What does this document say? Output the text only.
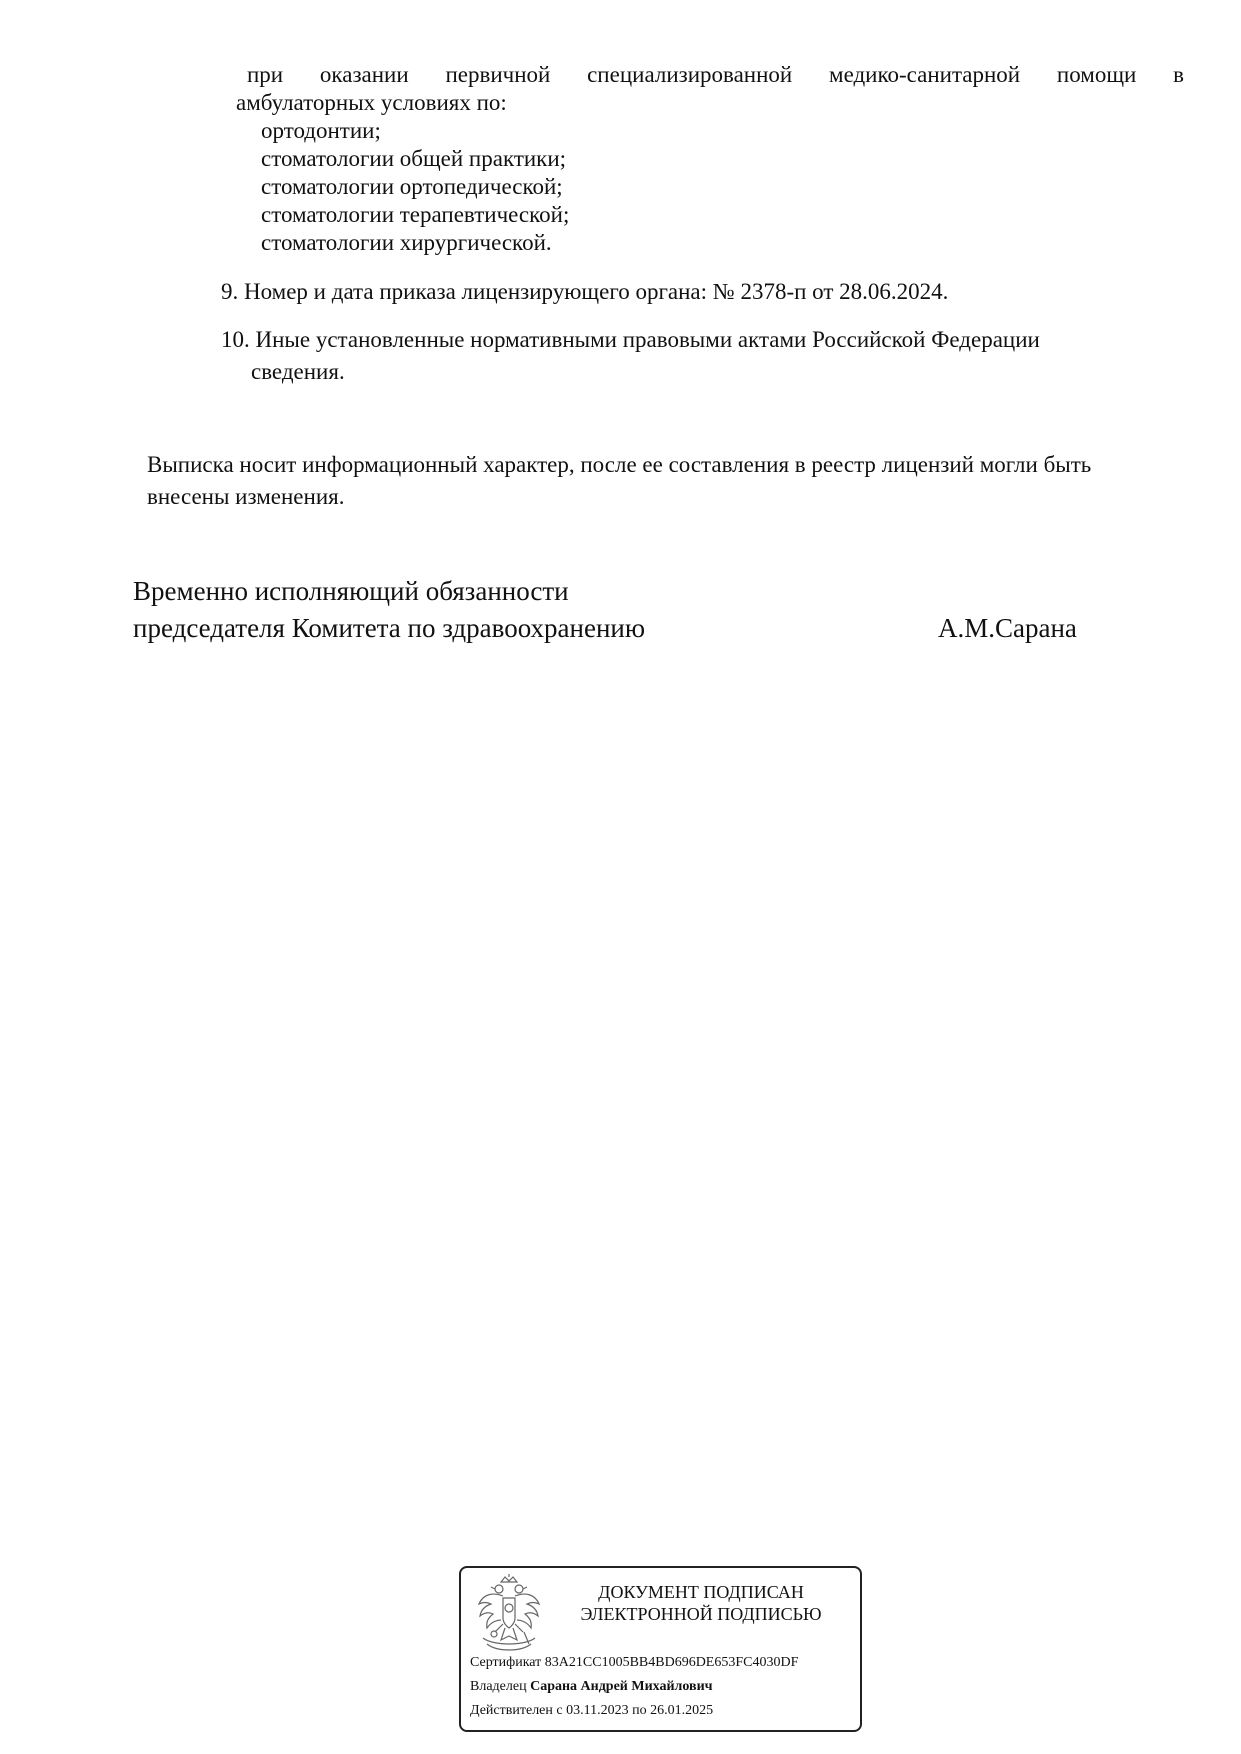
при оказании первичной специализированной медико-санитарной помощи в
амбулаторных условиях по:
ортодонтии;
стоматологии общей практики;
стоматологии ортопедической;
стоматологии терапевтической;
стоматологии хирургической.
9. Номер и дата приказа лицензирующего органа: № 2378-п от 28.06.2024.
10. Иные установленные нормативными правовыми актами Российской Федерации
сведения.
Выписка носит информационный характер, после ее составления в реестр лицензий могли быть
внесены изменения.
Временно исполняющий обязанности
председателя Комитета по здравоохранению	А.М.Сарана
ДОКУМЕНТ ПОДПИСАН
ЭЛЕКТРОННОЙ ПОДПИСЬЮ
Сертификат 83A21CC1005BB4BD696DE653FC4030DF
Владелец Сарана Андрей Михайлович
Действителен с 03.11.2023 по 26.01.2025
